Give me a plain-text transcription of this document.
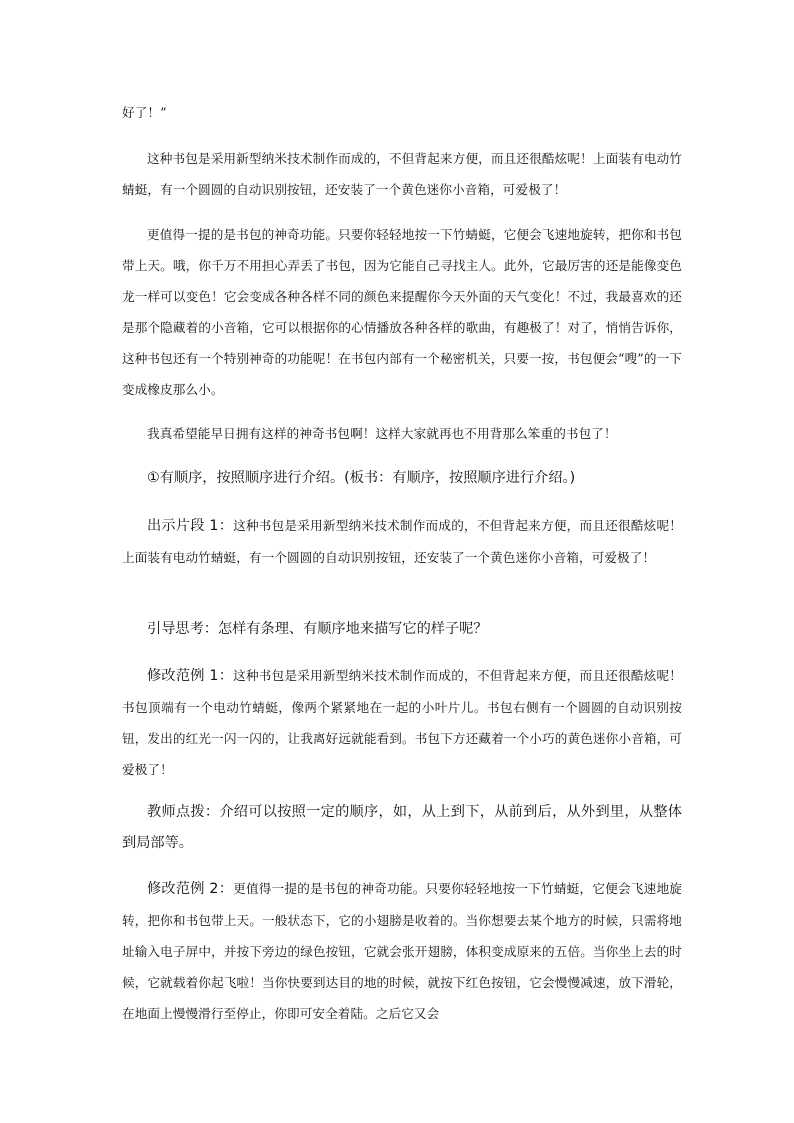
好了！”

这种书包是采用新型纳米技术制作而成的，不但背起来方便，而且还很酷炫呢！上面装有电动竹蜻蜓，有一个圆圆的自动识别按钮，还安装了一个黄色迷你小音箱，可爱极了！

更值得一提的是书包的神奇功能。只要你轻轻地按一下竹蜻蜓，它便会飞速地旋转，把你和书包带上天。哦，你千万不用担心弄丢了书包，因为它能自己寻找主人。此外，它最厉害的还是能像变色龙一样可以变色！它会变成各种各样不同的颜色来提醒你今天外面的天气变化！不过，我最喜欢的还是那个隐藏着的小音箱，它可以根据你的心情播放各种各样的歌曲，有趣极了！对了，悄悄告诉你，这种书包还有一个特别神奇的功能呢！在书包内部有一个秘密机关，只要一按，书包便会“嗖”的一下变成橡皮那么小。

我真希望能早日拥有这样的神奇书包啊！这样大家就再也不用背那么笨重的书包了！

①有顺序，按照顺序进行介绍。(板书：有顺序，按照顺序进行介绍。)

出示片段 1：这种书包是采用新型纳米技术制作而成的，不但背起来方便，而且还很酷炫呢！上面装有电动竹蜻蜓，有一个圆圆的自动识别按钮，还安装了一个黄色迷你小音箱，可爱极了！

引导思考：怎样有条理、有顺序地来描写它的样子呢？

修改范例 1：这种书包是采用新型纳米技术制作而成的，不但背起来方便，而且还很酷炫呢！书包顶端有一个电动竹蜻蜓，像两个紧紧地在一起的小叶片儿。书包右侧有一个圆圆的自动识别按钮，发出的红光一闪一闪的，让我离好远就能看到。书包下方还藏着一个小巧的黄色迷你小音箱，可爱极了！

教师点拨：介绍可以按照一定的顺序，如，从上到下，从前到后，从外到里，从整体到局部等。

修改范例 2：更值得一提的是书包的神奇功能。只要你轻轻地按一下竹蜻蜓，它便会飞速地旋转，把你和书包带上天。一般状态下，它的小翅膀是收着的。当你想要去某个地方的时候，只需将地址输入电子屏中，并按下旁边的绿色按钮，它就会张开翅膀，体积变成原来的五倍。当你坐上去的时候，它就载着你起飞啦！当你快要到达目的地的时候，就按下红色按钮，它会慢慢减速，放下滑轮，在地面上慢慢滑行至停止，你即可安全着陆。之后它又会
